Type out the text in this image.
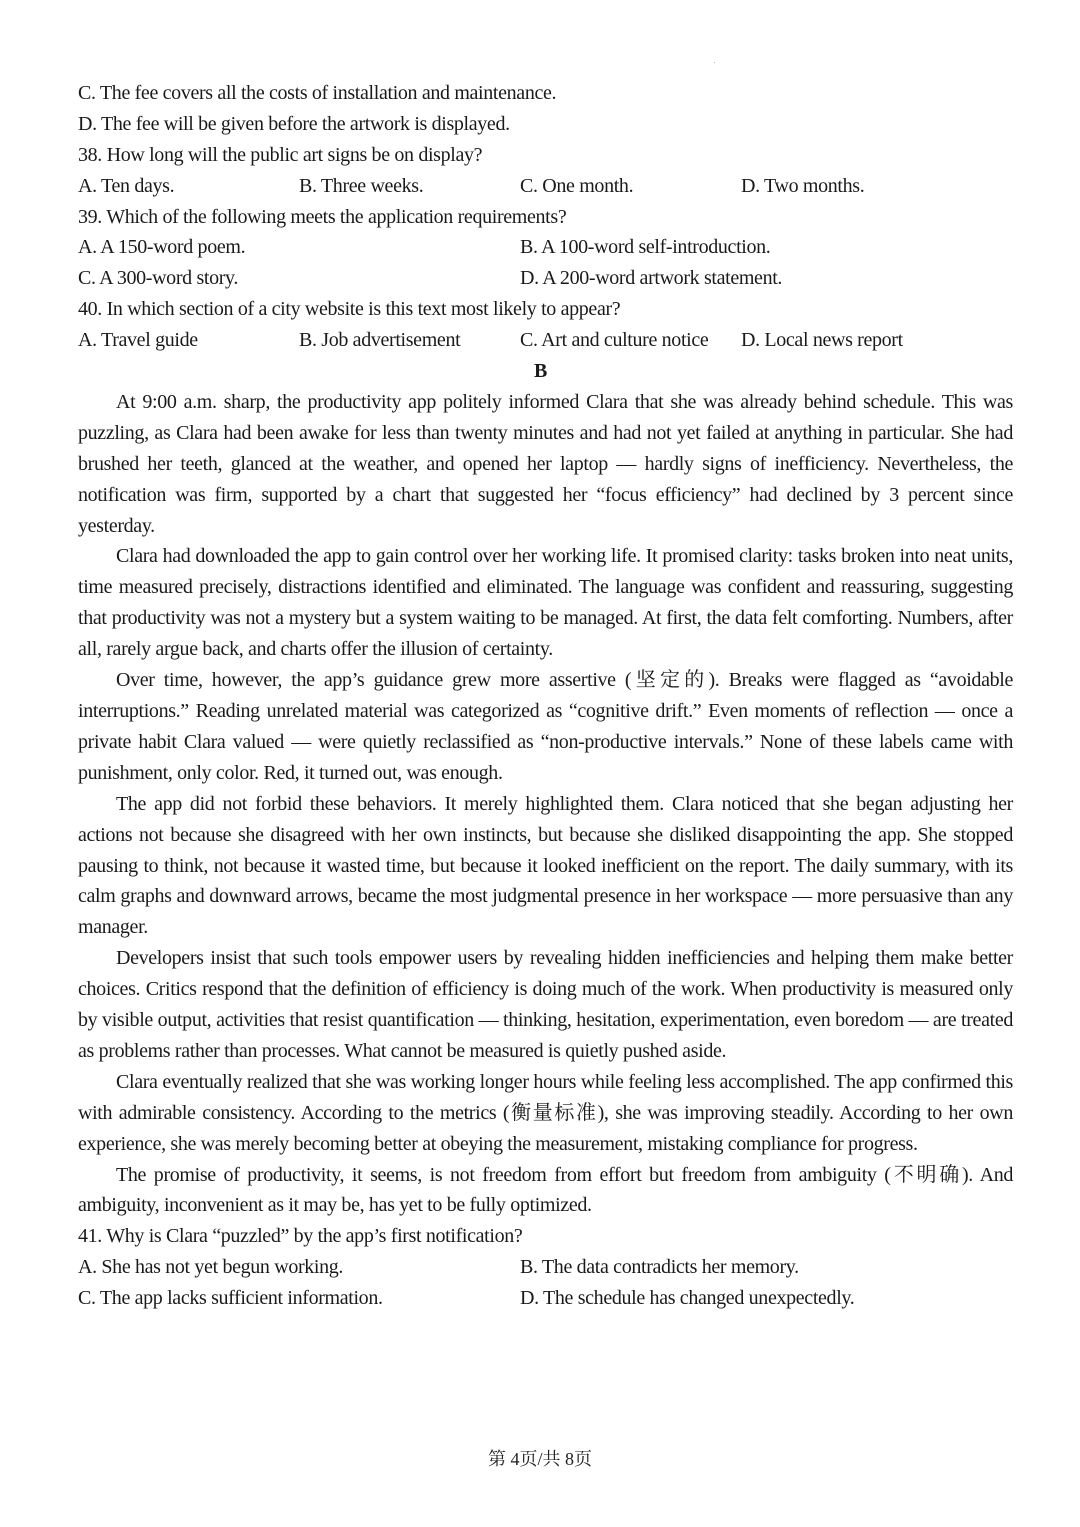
C. The fee covers all the costs of installation and maintenance.
D. The fee will be given before the artwork is displayed.
38. How long will the public art signs be on display?
A. Ten days.	B. Three weeks.	C. One month.	D. Two months.
39. Which of the following meets the application requirements?
A. A 150-word poem.	B. A 100-word self-introduction.
C. A 300-word story.	D. A 200-word artwork statement.
40. In which section of a city website is this text most likely to appear?
A. Travel guide	B. Job advertisement	C. Art and culture notice	D. Local news report
B

At 9:00 a.m. sharp, the productivity app politely informed Clara that she was already behind schedule. This was puzzling, as Clara had been awake for less than twenty minutes and had not yet failed at anything in particular. She had brushed her teeth, glanced at the weather, and opened her laptop — hardly signs of inefficiency. Nevertheless, the notification was firm, supported by a chart that suggested her “focus efficiency” had declined by 3 percent since yesterday.

Clara had downloaded the app to gain control over her working life. It promised clarity: tasks broken into neat units, time measured precisely, distractions identified and eliminated. The language was confident and reassuring, suggesting that productivity was not a mystery but a system waiting to be managed. At first, the data felt comforting. Numbers, after all, rarely argue back, and charts offer the illusion of certainty.

Over time, however, the app’s guidance grew more assertive (坚定的). Breaks were flagged as “avoidable interruptions.” Reading unrelated material was categorized as “cognitive drift.” Even moments of reflection — once a private habit Clara valued — were quietly reclassified as “non-productive intervals.” None of these labels came with punishment, only color. Red, it turned out, was enough.

The app did not forbid these behaviors. It merely highlighted them. Clara noticed that she began adjusting her actions not because she disagreed with her own instincts, but because she disliked disappointing the app. She stopped pausing to think, not because it wasted time, but because it looked inefficient on the report. The daily summary, with its calm graphs and downward arrows, became the most judgmental presence in her workspace — more persuasive than any manager.

Developers insist that such tools empower users by revealing hidden inefficiencies and helping them make better choices. Critics respond that the definition of efficiency is doing much of the work. When productivity is measured only by visible output, activities that resist quantification — thinking, hesitation, experimentation, even boredom — are treated as problems rather than processes. What cannot be measured is quietly pushed aside.

Clara eventually realized that she was working longer hours while feeling less accomplished. The app confirmed this with admirable consistency. According to the metrics (衡量标准), she was improving steadily. According to her own experience, she was merely becoming better at obeying the measurement, mistaking compliance for progress.

The promise of productivity, it seems, is not freedom from effort but freedom from ambiguity (不明确). And ambiguity, inconvenient as it may be, has yet to be fully optimized.

41. Why is Clara “puzzled” by the app’s first notification?
A. She has not yet begun working.	B. The data contradicts her memory.
C. The app lacks sufficient information.	D. The schedule has changed unexpectedly.
第 4页/共 8页
